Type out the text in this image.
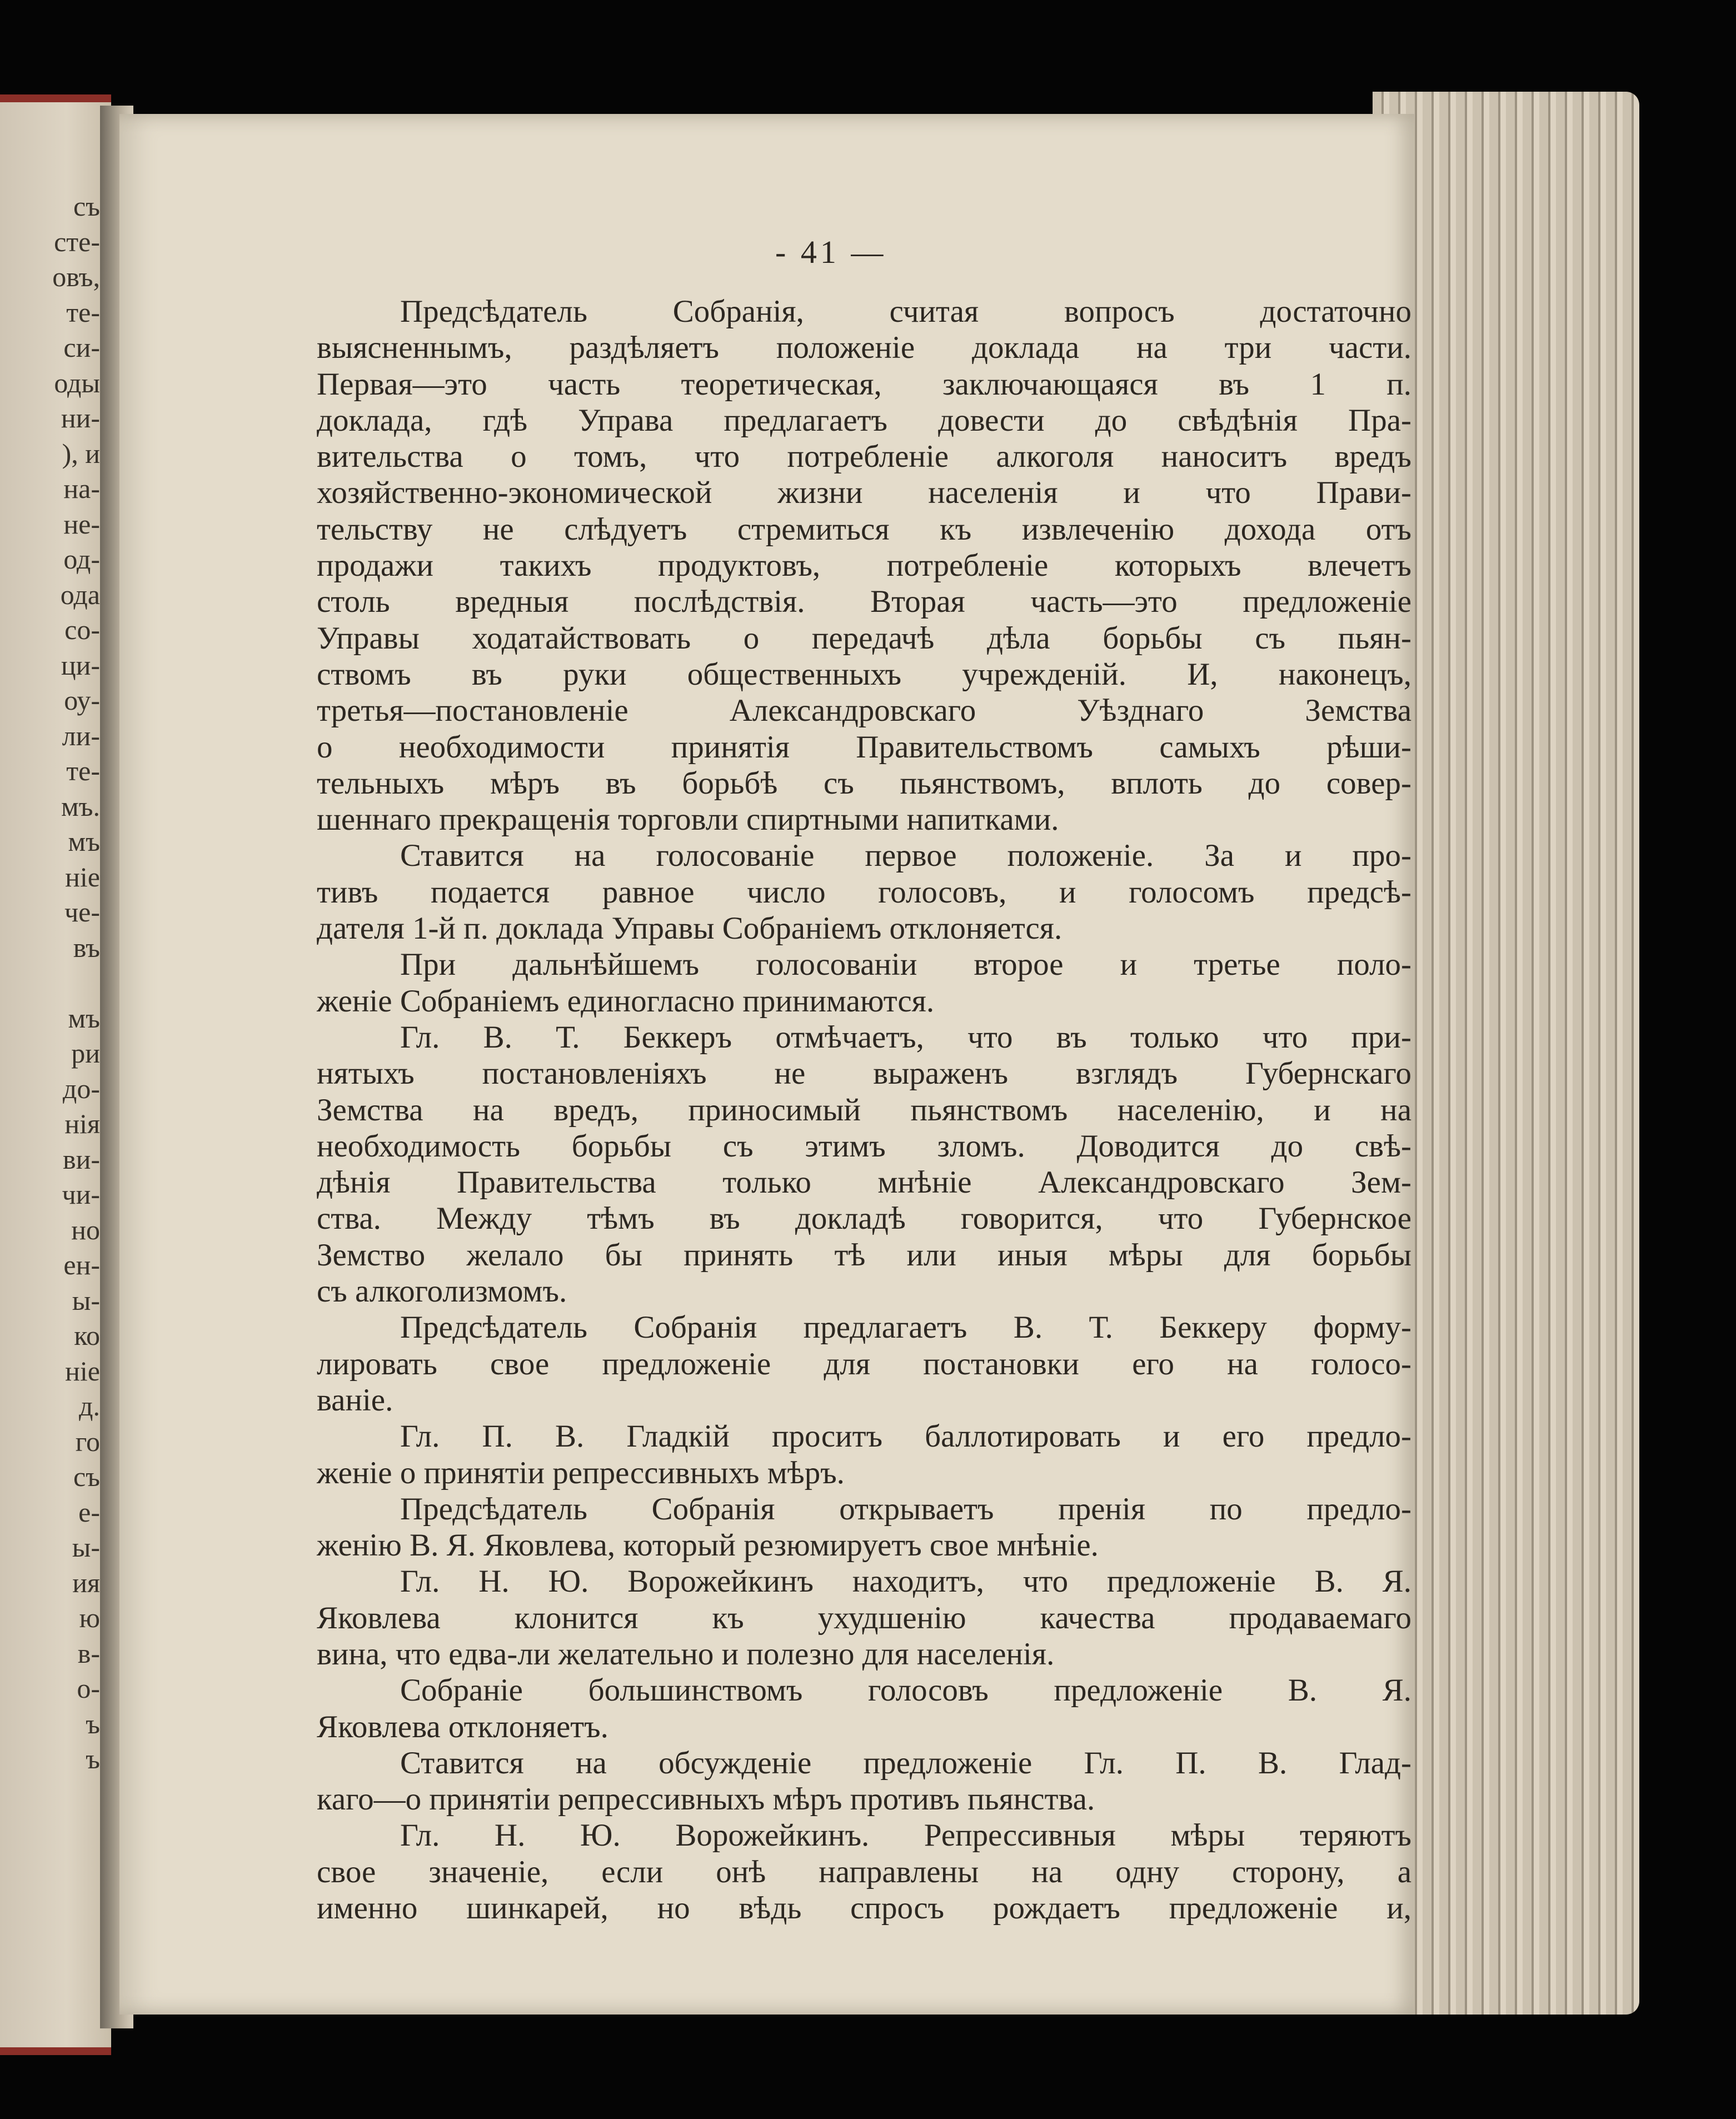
съ
сте-
овъ,
те-
си-
оды
ни-
), и
на-
не-
од-
ода
со-
ци-
оу-
ли-
те-
мъ.
мъ
ніе
че-
въ
мъ
ри
до-
нія
ви-
чи-
но
ен-
ы-
ко
ніе
д.
го
съ
е-
ы-
ия
ю
в-
о-
ъ
ъ

- 41 —

Предсѣдатель Собранія, считая вопросъ достаточно
выясненнымъ, раздѣляетъ положеніе доклада на три части.
Первая—это часть теоретическая, заключающаяся въ 1 п.
доклада, гдѣ Управа предлагаетъ довести до свѣдѣнія Пра-
вительства о томъ, что потребленіе алкоголя наноситъ вредъ
хозяйственно-экономической жизни населенія и что Прави-
тельству не слѣдуетъ стремиться къ извлеченію дохода отъ
продажи такихъ продуктовъ, потребленіе которыхъ влечетъ
столь вредныя послѣдствія. Вторая часть—это предложеніе
Управы ходатайствовать о передачѣ дѣла борьбы съ пьян-
ствомъ въ руки общественныхъ учрежденій. И, наконецъ,
третья—постановленіе Александровскаго Уѣзднаго Земства
о необходимости принятія Правительствомъ самыхъ рѣши-
тельныхъ мѣръ въ борьбѣ съ пьянствомъ, вплоть до совер-
шеннаго прекращенія торговли спиртными напитками.
Ставится на голосованіе первое положеніе. За и про-
тивъ подается равное число голосовъ, и голосомъ предсѣ-
дателя 1-й п. доклада Управы Собраніемъ отклоняется.
При дальнѣйшемъ голосованіи второе и третье поло-
женіе Собраніемъ единогласно принимаются.
Гл. В. Т. Беккеръ отмѣчаетъ, что въ только что при-
нятыхъ постановленіяхъ не выраженъ взглядъ Губернскаго
Земства на вредъ, приносимый пьянствомъ населенію, и на
необходимость борьбы съ этимъ зломъ. Доводится до свѣ-
дѣнія Правительства только мнѣніе Александровскаго Зем-
ства. Между тѣмъ въ докладѣ говорится, что Губернское
Земство желало бы принять тѣ или иныя мѣры для борьбы
съ алкоголизмомъ.
Предсѣдатель Собранія предлагаетъ В. Т. Беккеру форму-
лировать свое предложеніе для постановки его на голосо-
ваніе.
Гл. П. В. Гладкій проситъ баллотировать и его предло-
женіе о принятіи репрессивныхъ мѣръ.
Предсѣдатель Собранія открываетъ пренія по предло-
женію В. Я. Яковлева, который резюмируетъ свое мнѣніе.
Гл. Н. Ю. Ворожейкинъ находитъ, что предложеніе В. Я.
Яковлева клонится къ ухудшенію качества продаваемаго
вина, что едва-ли желательно и полезно для населенія.
Собраніе большинствомъ голосовъ предложеніе В. Я.
Яковлева отклоняетъ.
Ставится на обсужденіе предложеніе Гл. П. В. Глад-
каго—о принятіи репрессивныхъ мѣръ противъ пьянства.
Гл. Н. Ю. Ворожейкинъ. Репрессивныя мѣры теряютъ
свое значеніе, если онѣ направлены на одну сторону, а
именно шинкарей, но вѣдь спросъ рождаетъ предложеніе и,
